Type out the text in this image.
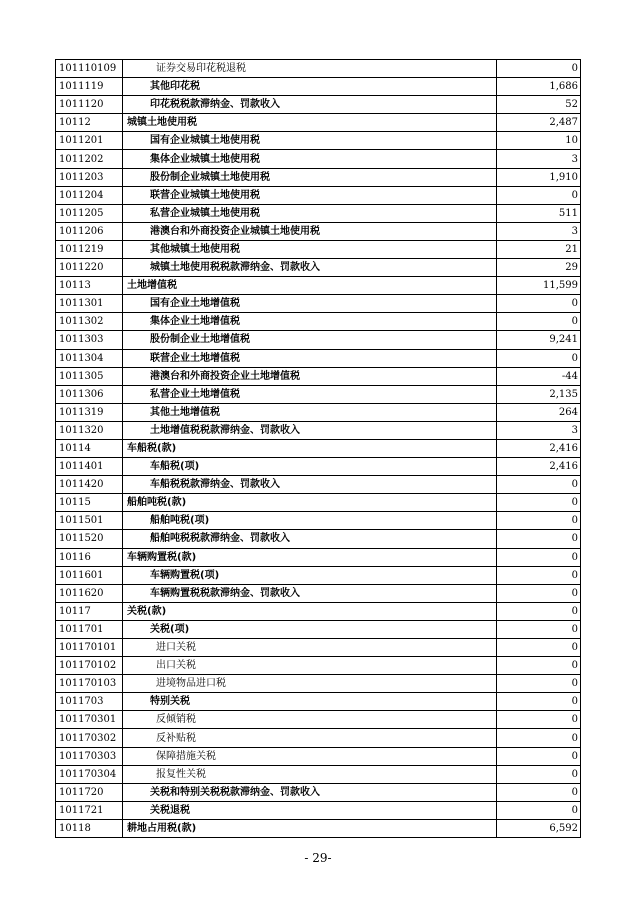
101110109	证券交易印花税退税	0
1011119	其他印花税	1,686
1011120	印花税税款滞纳金、罚款收入	52
10112	城镇土地使用税	2,487
1011201	国有企业城镇土地使用税	10
1011202	集体企业城镇土地使用税	3
1011203	股份制企业城镇土地使用税	1,910
1011204	联营企业城镇土地使用税	0
1011205	私营企业城镇土地使用税	511
1011206	港澳台和外商投资企业城镇土地使用税	3
1011219	其他城镇土地使用税	21
1011220	城镇土地使用税税款滞纳金、罚款收入	29
10113	土地增值税	11,599
1011301	国有企业土地增值税	0
1011302	集体企业土地增值税	0
1011303	股份制企业土地增值税	9,241
1011304	联营企业土地增值税	0
1011305	港澳台和外商投资企业土地增值税	-44
1011306	私营企业土地增值税	2,135
1011319	其他土地增值税	264
1011320	土地增值税税款滞纳金、罚款收入	3
10114	车船税(款)	2,416
1011401	车船税(项)	2,416
1011420	车船税税款滞纳金、罚款收入	0
10115	船舶吨税(款)	0
1011501	船舶吨税(项)	0
1011520	船舶吨税税款滞纳金、罚款收入	0
10116	车辆购置税(款)	0
1011601	车辆购置税(项)	0
1011620	车辆购置税税款滞纳金、罚款收入	0
10117	关税(款)	0
1011701	关税(项)	0
101170101	进口关税	0
101170102	出口关税	0
101170103	进境物品进口税	0
1011703	特别关税	0
101170301	反倾销税	0
101170302	反补贴税	0
101170303	保障措施关税	0
101170304	报复性关税	0
1011720	关税和特别关税税款滞纳金、罚款收入	0
1011721	关税退税	0
10118	耕地占用税(款)	6,592
- 29-
